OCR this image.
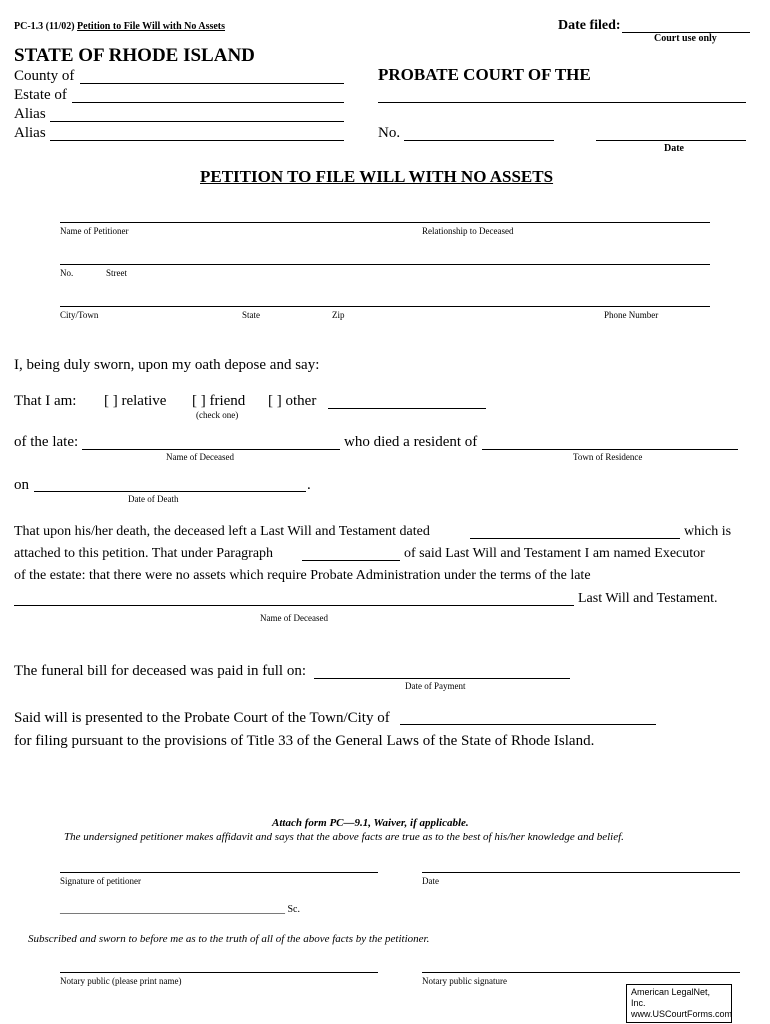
PC-1.3 (11/02) Petition to File Will with No Assets	Date filed:
Court use only
STATE OF RHODE ISLAND
County of
Estate of
Alias
Alias
PROBATE COURT OF THE
No.
Date
PETITION TO FILE WILL WITH NO ASSETS
Name of Petitioner	Relationship to Deceased
No.	Street
City/Town	State	Zip	Phone Number
I, being duly sworn, upon my oath depose and say:
That I am: [ ] relative [ ] friend [ ] other
(check one)
of the late:	who died a resident of
Name of Deceased	Town of Residence
on	.
Date of Death
That upon his/her death, the deceased left a Last Will and Testament dated	which is
attached to this petition. That under Paragraph	of said Last Will and Testament I am named Executor
of the estate: that there were no assets which require Probate Administration under the terms of the late
Last Will and Testament.
Name of Deceased
The funeral bill for deceased was paid in full on:
Date of Payment
Said will is presented to the Probate Court of the Town/City of
for filing pursuant to the provisions of Title 33 of the General Laws of the State of Rhode Island.
Attach form PC—9.1, Waiver, if applicable.
The undersigned petitioner makes affidavit and says that the above facts are true as to the best of his/her knowledge and belief.
Signature of petitioner	Date
_____________________________________________ Sc.
Subscribed and sworn to before me as to the truth of all of the above facts by the petitioner.
Notary public (please print name)	Notary public signature
American LegalNet, Inc.
www.USCourtForms.com
